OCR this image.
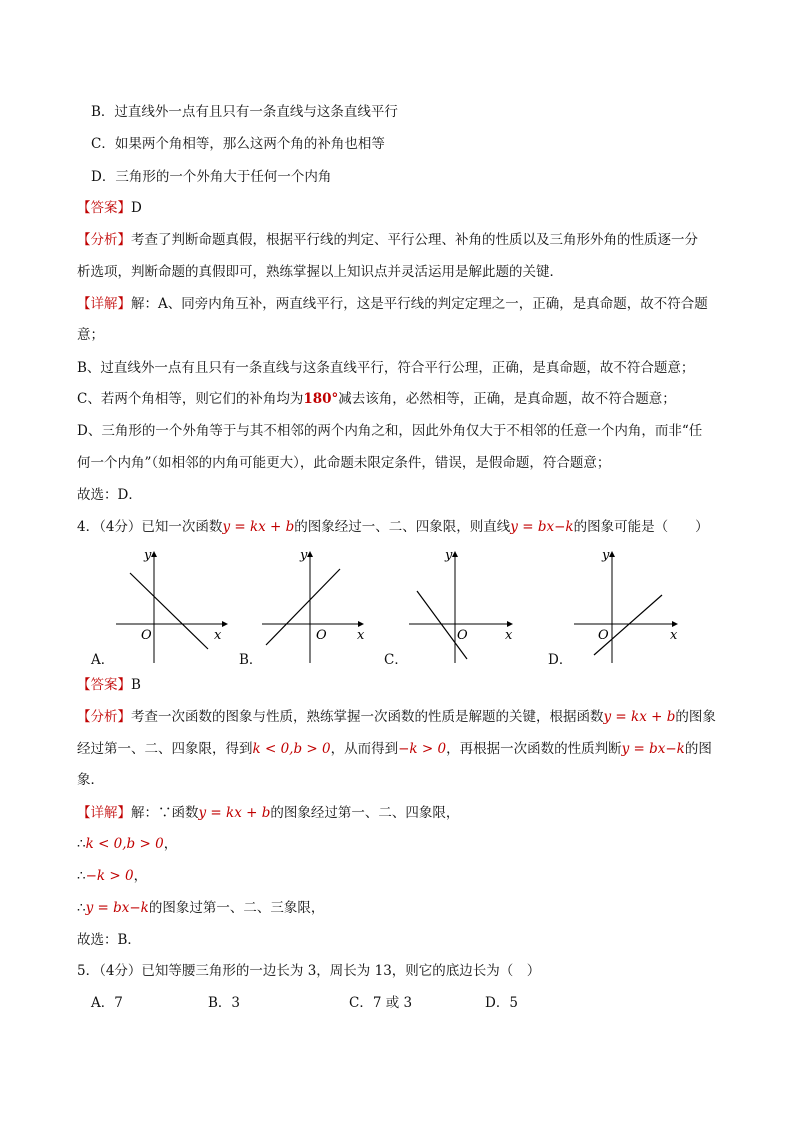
B．过直线外一点有且只有一条直线与这条直线平行
C．如果两个角相等，那么这两个角的补角也相等
D．三角形的一个外角大于任何一个内角
【答案】D
【分析】考查了判断命题真假，根据平行线的判定、平行公理、补角的性质以及三角形外角的性质逐一分
析选项，判断命题的真假即可，熟练掌握以上知识点并灵活运用是解此题的关键．
【详解】解：A、同旁内角互补，两直线平行，这是平行线的判定定理之一，正确，是真命题，故不符合题
意；
B、过直线外一点有且只有一条直线与这条直线平行，符合平行公理，正确，是真命题，故不符合题意；
C、若两个角相等，则它们的补角均为180°减去该角，必然相等，正确，是真命题，故不符合题意；
D、三角形的一个外角等于与其不相邻的两个内角之和，因此外角仅大于不相邻的任意一个内角，而非“任
何一个内角”（如相邻的内角可能更大），此命题未限定条件，错误，是假命题，符合题意；
故选：D．
4．（4分）已知一次函数y = kx + b的图象经过一、二、四象限，则直线y = bx−k的图象可能是（　　）
y
x
O
A．
y
x
O
B．
y
x
O
C．
y
x
O
D．
【答案】B
【分析】考查一次函数的图象与性质，熟练掌握一次函数的性质是解题的关键，根据函数y = kx + b的图象
经过第一、二、四象限，得到k < 0,b > 0，从而得到−k > 0，再根据一次函数的性质判断y = bx−k的图
象．
【详解】解：∵函数y = kx + b的图象经过第一、二、四象限，
∴k < 0,b > 0，
∴−k > 0，
∴y = bx−k的图象过第一、二、三象限，
故选：B．
5．（4分）已知等腰三角形的一边长为 3，周长为 13，则它的底边长为（　）
A．7	B．3	C．7 或 3	D．5
